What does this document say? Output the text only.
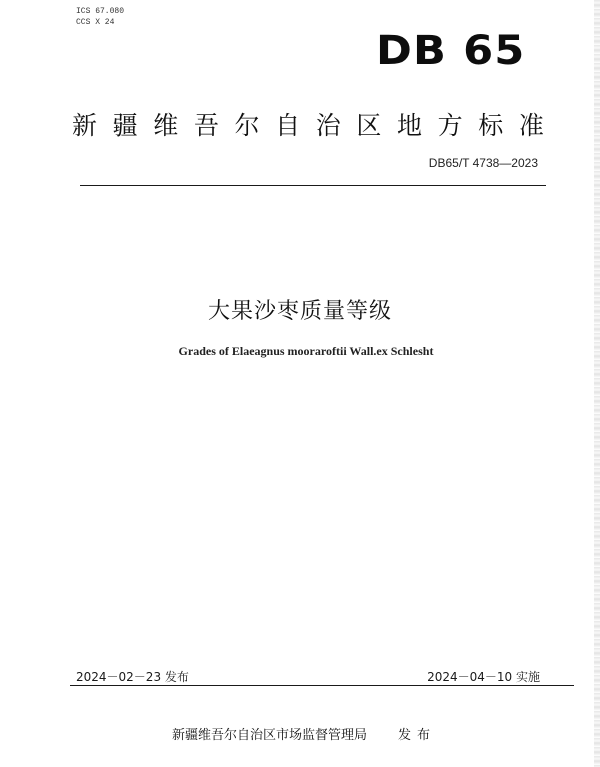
ICS 67.080
CCS X 24
DB 65
新 疆 维 吾 尔 自 治 区 地 方 标 准
DB65/T 4738—2023
大果沙枣质量等级
Grades of Elaeagnus mooraroftii Wall.ex Schlesht
2024－02－23 发布	2024－04－10 实施
新疆维吾尔自治区市场监督管理局 发布
